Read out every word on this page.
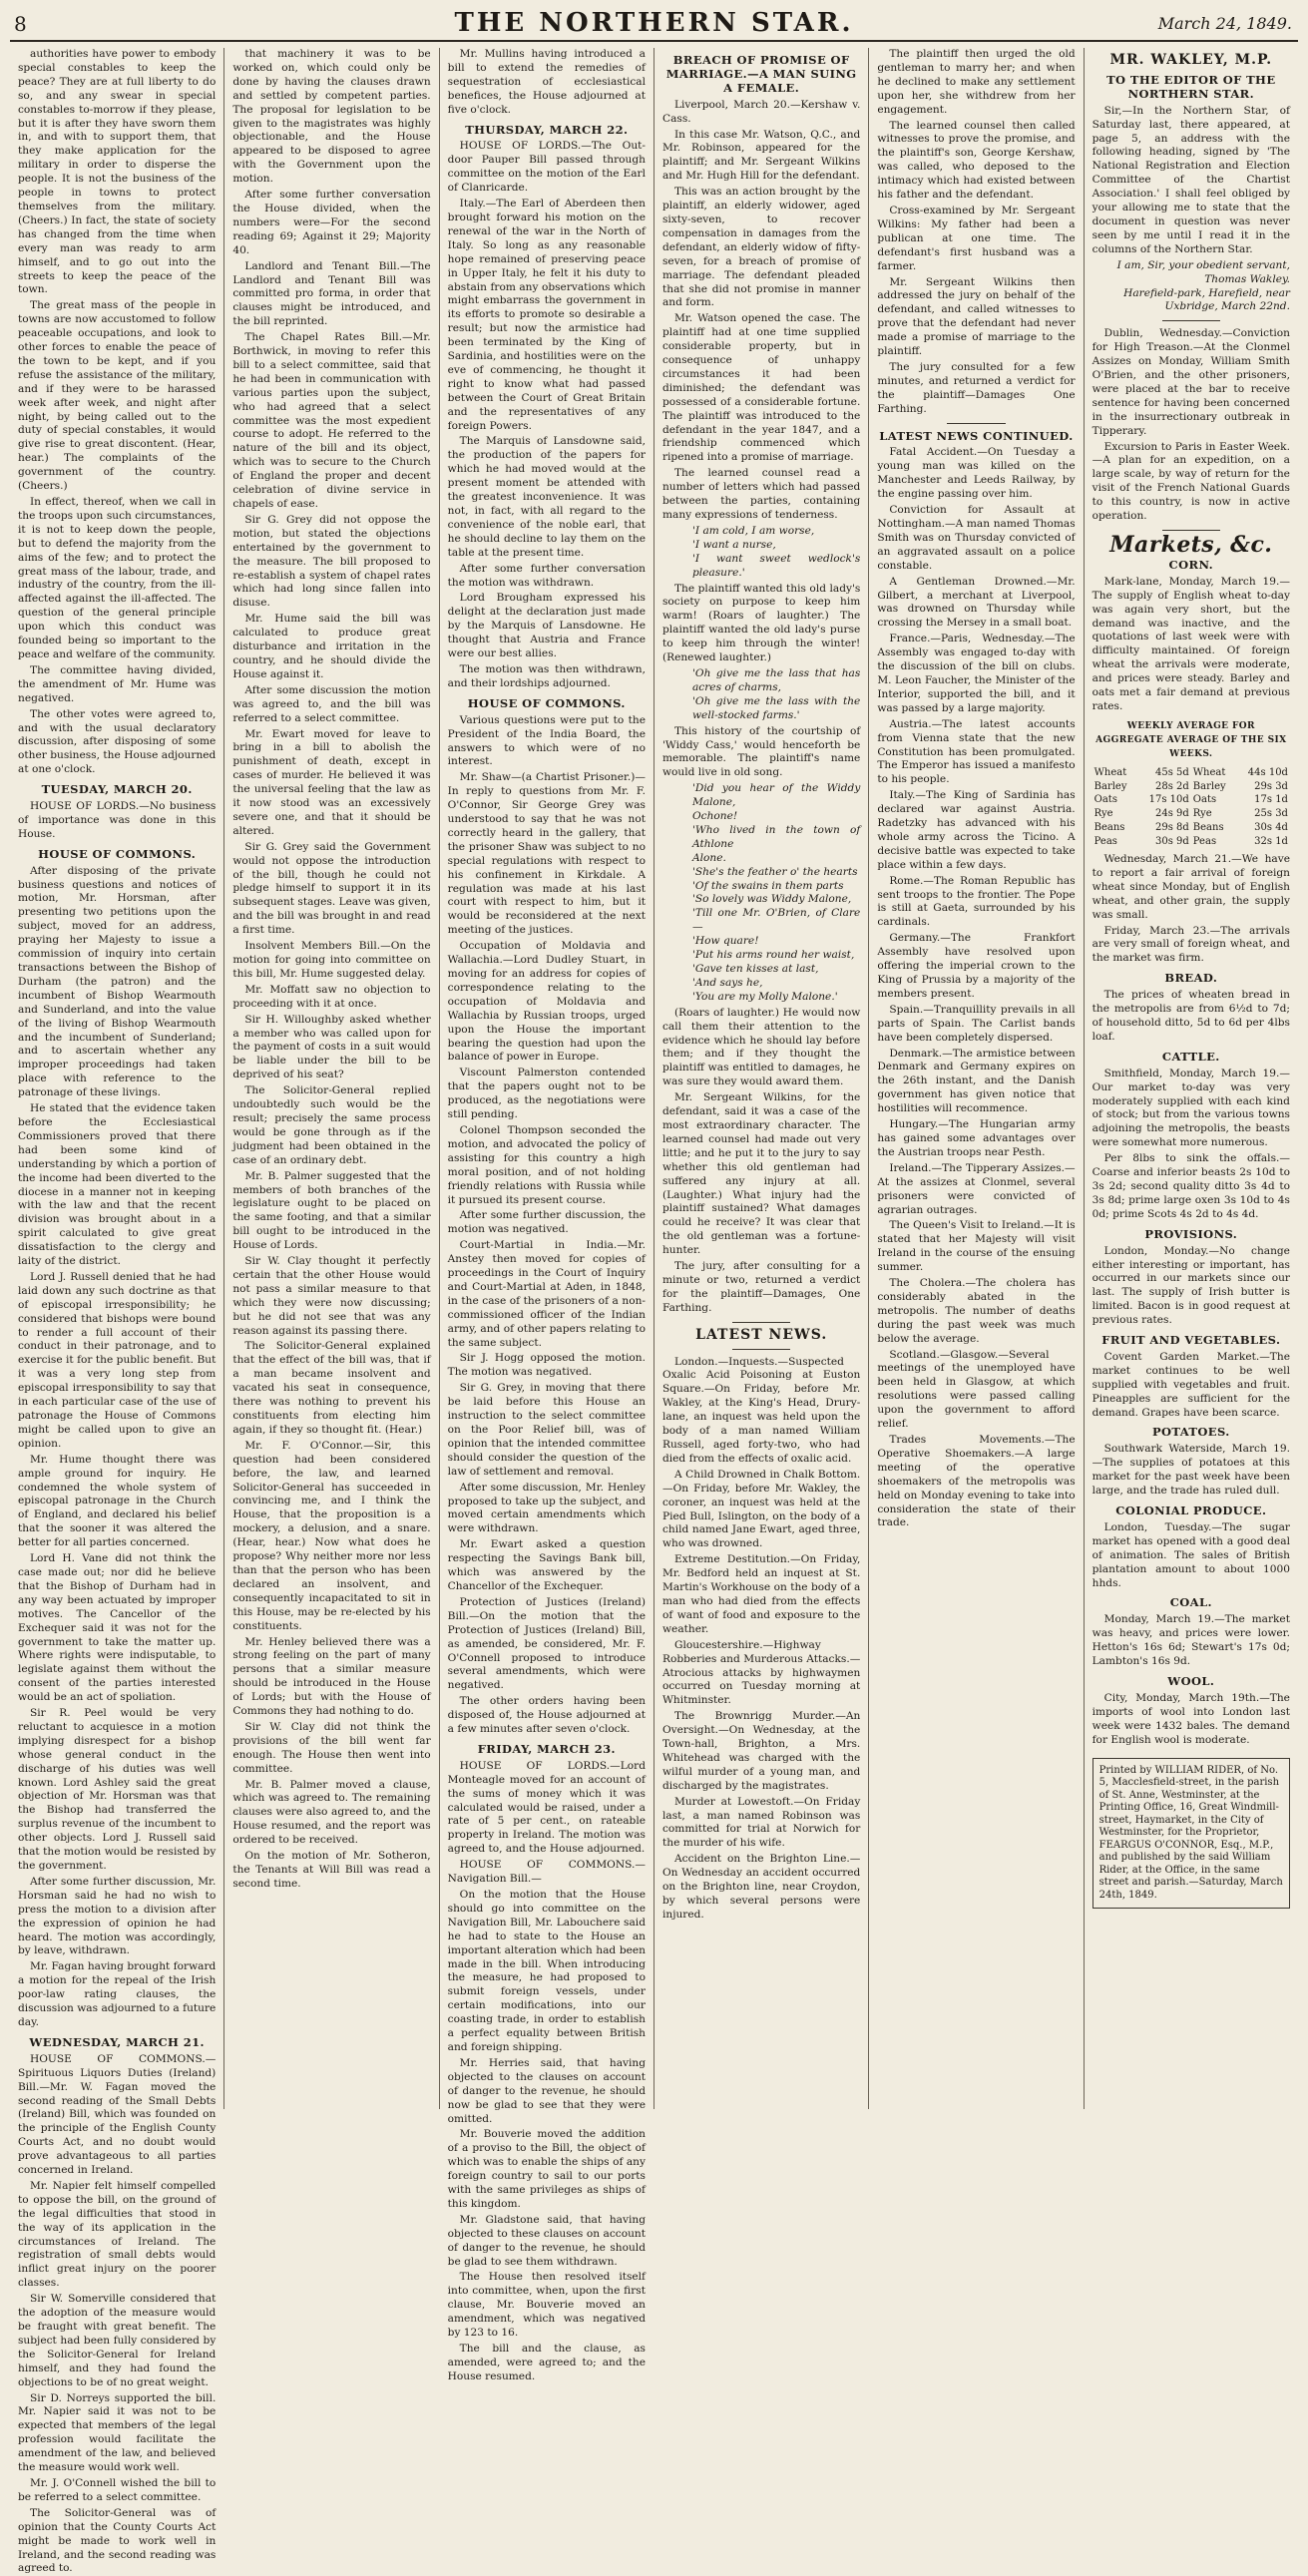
8	THE NORTHERN STAR.	March 24, 1849.

authorities have power to embody special constables to keep the peace? They are at full liberty to do so, and any swear in special constables to-morrow if they please, but it is after they have sworn them in, and with to support them, that they make application for the military in order to disperse the people. It is not the business of the people in towns to protect themselves from the military. (Cheers.) In fact, the state of society has changed from the time when every man was ready to arm himself, and to go out into the streets to keep the peace of the town.

The great mass of the people in towns are now accustomed to follow peaceable occupations, and look to other forces to enable the peace of the town to be kept, and if you refuse the assistance of the military, and if they were to be harassed week after week, and night after night, by being called out to the duty of special constables, it would give rise to great discontent. (Hear, hear.) The complaints of the government of the country. (Cheers.)

In effect, thereof, when we call in the troops upon such circumstances, it is not to keep down the people, but to defend the majority from the aims of the few; and to protect the great mass of the labour, trade, and industry of the country, from the ill-affected against the ill-affected. The question of the general principle upon which this conduct was founded being so important to the peace and welfare of the community.

The committee having divided, the amendment of Mr. Hume was negatived.

The other votes were agreed to, and with the usual declaratory discussion, after disposing of some other business, the House adjourned at one o'clock.

TUESDAY, MARCH 20.

HOUSE OF LORDS.—No business of importance was done in this House.

HOUSE OF COMMONS.

After disposing of the private business questions and notices of motion, Mr. Horsman, after presenting two petitions upon the subject, moved for an address, praying her Majesty to issue a commission of inquiry into certain transactions between the Bishop of Durham (the patron) and the incumbent of Bishop Wearmouth and Sunderland, and into the value of the living of Bishop Wearmouth and the incumbent of Sunderland; and to ascertain whether any improper proceedings had taken place with reference to the patronage of these livings.

He stated that the evidence taken before the Ecclesiastical Commissioners proved that there had been some kind of understanding by which a portion of the income had been diverted to the diocese in a manner not in keeping with the law and that the recent division was brought about in a spirit calculated to give great dissatisfaction to the clergy and laity of the district.

Lord J. Russell denied that he had laid down any such doctrine as that of episcopal irresponsibility; he considered that bishops were bound to render a full account of their conduct in their patronage, and to exercise it for the public benefit. But it was a very long step from episcopal irresponsibility to say that in each particular case of the use of patronage the House of Commons might be called upon to give an opinion.

Mr. Hume thought there was ample ground for inquiry. He condemned the whole system of episcopal patronage in the Church of England, and declared his belief that the sooner it was altered the better for all parties concerned.

Lord H. Vane did not think the case made out; nor did he believe that the Bishop of Durham had in any way been actuated by improper motives. The Cancellor of the Exchequer said it was not for the government to take the matter up. Where rights were indisputable, to legislate against them without the consent of the parties interested would be an act of spoliation.

Sir R. Peel would be very reluctant to acquiesce in a motion implying disrespect for a bishop whose general conduct in the discharge of his duties was well known. Lord Ashley said the great objection of Mr. Horsman was that the Bishop had transferred the surplus revenue of the incumbent to other objects. Lord J. Russell said that the motion would be resisted by the government.

After some further discussion, Mr. Horsman said he had no wish to press the motion to a division after the expression of opinion he had heard. The motion was accordingly, by leave, withdrawn.

Mr. Fagan having brought forward a motion for the repeal of the Irish poor-law rating clauses, the discussion was adjourned to a future day.

WEDNESDAY, MARCH 21.

HOUSE OF COMMONS.—Spirituous Liquors Duties (Ireland) Bill.—Mr. W. Fagan moved the second reading of the Small Debts (Ireland) Bill, which was founded on the principle of the English County Courts Act, and no doubt would prove advantageous to all parties concerned in Ireland.

Mr. Napier felt himself compelled to oppose the bill, on the ground of the legal difficulties that stood in the way of its application in the circumstances of Ireland. The registration of small debts would inflict great injury on the poorer classes.

Sir W. Somerville considered that the adoption of the measure would be fraught with great benefit. The subject had been fully considered by the Solicitor-General for Ireland himself, and they had found the objections to be of no great weight.

Sir D. Norreys supported the bill. Mr. Napier said it was not to be expected that members of the legal profession would facilitate the amendment of the law, and believed the measure would work well.

Mr. J. O'Connell wished the bill to be referred to a select committee.

The Solicitor-General was of opinion that the County Courts Act might be made to work well in Ireland, and the second reading was agreed to.

that machinery it was to be worked on, which could only be done by having the clauses drawn and settled by competent parties. The proposal for legislation to be given to the magistrates was highly objectionable, and the House appeared to be disposed to agree with the Government upon the motion.

After some further conversation the House divided, when the numbers were—For the second reading 69; Against it 29; Majority 40.

Landlord and Tenant Bill.—The Landlord and Tenant Bill was committed pro forma, in order that clauses might be introduced, and the bill reprinted.

The Chapel Rates Bill.—Mr. Borthwick, in moving to refer this bill to a select committee, said that he had been in communication with various parties upon the subject, who had agreed that a select committee was the most expedient course to adopt. He referred to the nature of the bill and its object, which was to secure to the Church of England the proper and decent celebration of divine service in chapels of ease.

Sir G. Grey did not oppose the motion, but stated the objections entertained by the government to the measure. The bill proposed to re-establish a system of chapel rates which had long since fallen into disuse.

Mr. Hume said the bill was calculated to produce great disturbance and irritation in the country, and he should divide the House against it.

After some discussion the motion was agreed to, and the bill was referred to a select committee.

Mr. Ewart moved for leave to bring in a bill to abolish the punishment of death, except in cases of murder. He believed it was the universal feeling that the law as it now stood was an excessively severe one, and that it should be altered.

Sir G. Grey said the Government would not oppose the introduction of the bill, though he could not pledge himself to support it in its subsequent stages. Leave was given, and the bill was brought in and read a first time.

Insolvent Members Bill.—On the motion for going into committee on this bill, Mr. Hume suggested delay.

Mr. Moffatt saw no objection to proceeding with it at once.

Sir H. Willoughby asked whether a member who was called upon for the payment of costs in a suit would be liable under the bill to be deprived of his seat?

The Solicitor-General replied undoubtedly such would be the result; precisely the same process would be gone through as if the judgment had been obtained in the case of an ordinary debt.

Mr. B. Palmer suggested that the members of both branches of the legislature ought to be placed on the same footing, and that a similar bill ought to be introduced in the House of Lords.

Sir W. Clay thought it perfectly certain that the other House would not pass a similar measure to that which they were now discussing; but he did not see that was any reason against its passing there.

The Solicitor-General explained that the effect of the bill was, that if a man became insolvent and vacated his seat in consequence, there was nothing to prevent his constituents from electing him again, if they so thought fit. (Hear.)

Mr. F. O'Connor.—Sir, this question had been considered before, the law, and learned Solicitor-General has succeeded in convincing me, and I think the House, that the proposition is a mockery, a delusion, and a snare. (Hear, hear.) Now what does he propose? Why neither more nor less than that the person who has been declared an insolvent, and consequently incapacitated to sit in this House, may be re-elected by his constituents.

Mr. Henley believed there was a strong feeling on the part of many persons that a similar measure should be introduced in the House of Lords; but with the House of Commons they had nothing to do.

Sir W. Clay did not think the provisions of the bill went far enough. The House then went into committee.

Mr. B. Palmer moved a clause, which was agreed to. The remaining clauses were also agreed to, and the House resumed, and the report was ordered to be received.

On the motion of Mr. Sotheron, the Tenants at Will Bill was read a second time.

Mr. Mullins having introduced a bill to extend the remedies of sequestration of ecclesiastical benefices, the House adjourned at five o'clock.

THURSDAY, MARCH 22.

HOUSE OF LORDS.—The Out-door Pauper Bill passed through committee on the motion of the Earl of Clanricarde.

Italy.—The Earl of Aberdeen then brought forward his motion on the renewal of the war in the North of Italy. So long as any reasonable hope remained of preserving peace in Upper Italy, he felt it his duty to abstain from any observations which might embarrass the government in its efforts to promote so desirable a result; but now the armistice had been terminated by the King of Sardinia, and hostilities were on the eve of commencing, he thought it right to know what had passed between the Court of Great Britain and the representatives of any foreign Powers.

The Marquis of Lansdowne said, the production of the papers for which he had moved would at the present moment be attended with the greatest inconvenience. It was not, in fact, with all regard to the convenience of the noble earl, that he should decline to lay them on the table at the present time.

After some further conversation the motion was withdrawn.

Lord Brougham expressed his delight at the declaration just made by the Marquis of Lansdowne. He thought that Austria and France were our best allies.

The motion was then withdrawn, and their lordships adjourned.

HOUSE OF COMMONS.

Various questions were put to the President of the India Board, the answers to which were of no interest.

Mr. Shaw—(a Chartist Prisoner.)—In reply to questions from Mr. F. O'Connor, Sir George Grey was understood to say that he was not correctly heard in the gallery, that the prisoner Shaw was subject to no special regulations with respect to his confinement in Kirkdale. A regulation was made at his last court with respect to him, but it would be reconsidered at the next meeting of the justices.

Occupation of Moldavia and Wallachia.—Lord Dudley Stuart, in moving for an address for copies of correspondence relating to the occupation of Moldavia and Wallachia by Russian troops, urged upon the House the important bearing the question had upon the balance of power in Europe.

Viscount Palmerston contended that the papers ought not to be produced, as the negotiations were still pending.

Colonel Thompson seconded the motion, and advocated the policy of assisting for this country a high moral position, and of not holding friendly relations with Russia while it pursued its present course.

After some further discussion, the motion was negatived.

Court-Martial in India.—Mr. Anstey then moved for copies of proceedings in the Court of Inquiry and Court-Martial at Aden, in 1848, in the case of the prisoners of a non-commissioned officer of the Indian army, and of other papers relating to the same subject.

Sir J. Hogg opposed the motion. The motion was negatived.

Sir G. Grey, in moving that there be laid before this House an instruction to the select committee on the Poor Relief bill, was of opinion that the intended committee should consider the question of the law of settlement and removal.

After some discussion, Mr. Henley proposed to take up the subject, and moved certain amendments which were withdrawn.

Mr. Ewart asked a question respecting the Savings Bank bill, which was answered by the Chancellor of the Exchequer.

Protection of Justices (Ireland) Bill.—On the motion that the Protection of Justices (Ireland) Bill, as amended, be considered, Mr. F. O'Connell proposed to introduce several amendments, which were negatived.

The other orders having been disposed of, the House adjourned at a few minutes after seven o'clock.

FRIDAY, MARCH 23.

HOUSE OF LORDS.—Lord Monteagle moved for an account of the sums of money which it was calculated would be raised, under a rate of 5 per cent., on rateable property in Ireland. The motion was agreed to, and the House adjourned.

HOUSE OF COMMONS.—Navigation Bill.—

On the motion that the House should go into committee on the Navigation Bill, Mr. Labouchere said he had to state to the House an important alteration which had been made in the bill. When introducing the measure, he had proposed to submit foreign vessels, under certain modifications, into our coasting trade, in order to establish a perfect equality between British and foreign shipping.

Mr. Herries said, that having objected to the clauses on account of danger to the revenue, he should now be glad to see that they were omitted.

Mr. Bouverie moved the addition of a proviso to the Bill, the object of which was to enable the ships of any foreign country to sail to our ports with the same privileges as ships of this kingdom.

Mr. Gladstone said, that having objected to these clauses on account of danger to the revenue, he should be glad to see them withdrawn.

The House then resolved itself into committee, when, upon the first clause, Mr. Bouverie moved an amendment, which was negatived by 123 to 16.

The bill and the clause, as amended, were agreed to; and the House resumed.

BREACH OF PROMISE OF MARRIAGE.—A MAN SUING A FEMALE.

Liverpool, March 20.—Kershaw v. Cass.

In this case Mr. Watson, Q.C., and Mr. Robinson, appeared for the plaintiff; and Mr. Sergeant Wilkins and Mr. Hugh Hill for the defendant.

This was an action brought by the plaintiff, an elderly widower, aged sixty-seven, to recover compensation in damages from the defendant, an elderly widow of fifty-seven, for a breach of promise of marriage. The defendant pleaded that she did not promise in manner and form.

Mr. Watson opened the case. The plaintiff had at one time supplied considerable property, but in consequence of unhappy circumstances it had been diminished; the defendant was possessed of a considerable fortune. The plaintiff was introduced to the defendant in the year 1847, and a friendship commenced which ripened into a promise of marriage.

The learned counsel read a number of letters which had passed between the parties, containing many expressions of tenderness.

'I am cold, I am worse,
'I want a nurse,
'I want sweet wedlock's pleasure.'

The plaintiff wanted this old lady's society on purpose to keep him warm! (Roars of laughter.) The plaintiff wanted the old lady's purse to keep him through the winter! (Renewed laughter.)

'Oh give me the lass that has acres of charms,
'Oh give me the lass with the well-stocked farms.'

This history of the courtship of 'Widdy Cass,' would henceforth be memorable. The plaintiff's name would live in old song.

'Did you hear of the Widdy Malone,
Ochone!
'Who lived in the town of Athlone
Alone.
'She's the feather o' the hearts
'Of the swains in them parts
'So lovely was Widdy Malone,
'Till one Mr. O'Brien, of Clare—
'How quare!
'Put his arms round her waist,
'Gave ten kisses at last,
'And says he,
'You are my Molly Malone.'

(Roars of laughter.) He would now call them their attention to the evidence which he should lay before them; and if they thought the plaintiff was entitled to damages, he was sure they would award them.

Mr. Sergeant Wilkins, for the defendant, said it was a case of the most extraordinary character. The learned counsel had made out very little; and he put it to the jury to say whether this old gentleman had suffered any injury at all. (Laughter.) What injury had the plaintiff sustained? What damages could he receive? It was clear that the old gentleman was a fortune-hunter.

The jury, after consulting for a minute or two, returned a verdict for the plaintiff—Damages, One Farthing.

LATEST NEWS.

London.—Inquests.—Suspected Oxalic Acid Poisoning at Euston Square.—On Friday, before Mr. Wakley, at the King's Head, Drury-lane, an inquest was held upon the body of a man named William Russell, aged forty-two, who had died from the effects of oxalic acid.

A Child Drowned in Chalk Bottom.—On Friday, before Mr. Wakley, the coroner, an inquest was held at the Pied Bull, Islington, on the body of a child named Jane Ewart, aged three, who was drowned.

Extreme Destitution.—On Friday, Mr. Bedford held an inquest at St. Martin's Workhouse on the body of a man who had died from the effects of want of food and exposure to the weather.

Gloucestershire.—Highway Robberies and Murderous Attacks.—Atrocious attacks by highwaymen occurred on Tuesday morning at Whitminster.

The Brownrigg Murder.—An Oversight.—On Wednesday, at the Town-hall, Brighton, a Mrs. Whitehead was charged with the wilful murder of a young man, and discharged by the magistrates.

Murder at Lowestoft.—On Friday last, a man named Robinson was committed for trial at Norwich for the murder of his wife.

Accident on the Brighton Line.—On Wednesday an accident occurred on the Brighton line, near Croydon, by which several persons were injured.

The plaintiff then urged the old gentleman to marry her; and when he declined to make any settlement upon her, she withdrew from her engagement.

The learned counsel then called witnesses to prove the promise, and the plaintiff's son, George Kershaw, was called, who deposed to the intimacy which had existed between his father and the defendant.

Cross-examined by Mr. Sergeant Wilkins: My father had been a publican at one time. The defendant's first husband was a farmer.

Mr. Sergeant Wilkins then addressed the jury on behalf of the defendant, and called witnesses to prove that the defendant had never made a promise of marriage to the plaintiff.

The jury consulted for a few minutes, and returned a verdict for the plaintiff—Damages One Farthing.

LATEST NEWS CONTINUED.

Fatal Accident.—On Tuesday a young man was killed on the Manchester and Leeds Railway, by the engine passing over him.

Conviction for Assault at Nottingham.—A man named Thomas Smith was on Thursday convicted of an aggravated assault on a police constable.

A Gentleman Drowned.—Mr. Gilbert, a merchant at Liverpool, was drowned on Thursday while crossing the Mersey in a small boat.

France.—Paris, Wednesday.—The Assembly was engaged to-day with the discussion of the bill on clubs. M. Leon Faucher, the Minister of the Interior, supported the bill, and it was passed by a large majority.

Austria.—The latest accounts from Vienna state that the new Constitution has been promulgated. The Emperor has issued a manifesto to his people.

Italy.—The King of Sardinia has declared war against Austria. Radetzky has advanced with his whole army across the Ticino. A decisive battle was expected to take place within a few days.

Rome.—The Roman Republic has sent troops to the frontier. The Pope is still at Gaeta, surrounded by his cardinals.

Germany.—The Frankfort Assembly have resolved upon offering the imperial crown to the King of Prussia by a majority of the members present.

Spain.—Tranquillity prevails in all parts of Spain. The Carlist bands have been completely dispersed.

Denmark.—The armistice between Denmark and Germany expires on the 26th instant, and the Danish government has given notice that hostilities will recommence.

Hungary.—The Hungarian army has gained some advantages over the Austrian troops near Pesth.

Ireland.—The Tipperary Assizes.—At the assizes at Clonmel, several prisoners were convicted of agrarian outrages.

The Queen's Visit to Ireland.—It is stated that her Majesty will visit Ireland in the course of the ensuing summer.

The Cholera.—The cholera has considerably abated in the metropolis. The number of deaths during the past week was much below the average.

Scotland.—Glasgow.—Several meetings of the unemployed have been held in Glasgow, at which resolutions were passed calling upon the government to afford relief.

Trades Movements.—The Operative Shoemakers.—A large meeting of the operative shoemakers of the metropolis was held on Monday evening to take into consideration the state of their trade.

MR. WAKLEY, M.P.
TO THE EDITOR OF THE NORTHERN STAR.

Sir,—In the Northern Star, of Saturday last, there appeared, at page 5, an address with the following heading, signed by 'The National Registration and Election Committee of the Chartist Association.' I shall feel obliged by your allowing me to state that the document in question was never seen by me until I read it in the columns of the Northern Star.

I am, Sir, your obedient servant,
Thomas Wakley.
Harefield-park, Harefield, near Uxbridge, March 22nd.

Dublin, Wednesday.—Conviction for High Treason.—At the Clonmel Assizes on Monday, William Smith O'Brien, and the other prisoners, were placed at the bar to receive sentence for having been concerned in the insurrectionary outbreak in Tipperary.

Excursion to Paris in Easter Week.—A plan for an expedition, on a large scale, by way of return for the visit of the French National Guards to this country, is now in active operation.

Markets, &c.
CORN.

Mark-lane, Monday, March 19.—The supply of English wheat to-day was again very short, but the demand was inactive, and the quotations of last week were with difficulty maintained. Of foreign wheat the arrivals were moderate, and prices were steady. Barley and oats met a fair demand at previous rates.

WEEKLY AVERAGE FOR AGGREGATE AVERAGE OF THE SIX WEEKS.
Wheat	45s 5d	Wheat	44s 10d
Barley	28s 2d	Barley	29s 3d
Oats	17s 10d	Oats	17s 1d
Rye	24s 9d	Rye	25s 3d
Beans	29s 8d	Beans	30s 4d
Peas	30s 9d	Peas	32s 1d

Wednesday, March 21.—We have to report a fair arrival of foreign wheat since Monday, but of English wheat, and other grain, the supply was small.

Friday, March 23.—The arrivals are very small of foreign wheat, and the market was firm.

BREAD.

The prices of wheaten bread in the metropolis are from 6½d to 7d; of household ditto, 5d to 6d per 4lbs loaf.

CATTLE.

Smithfield, Monday, March 19.—Our market to-day was very moderately supplied with each kind of stock; but from the various towns adjoining the metropolis, the beasts were somewhat more numerous.

Per 8lbs to sink the offals.—Coarse and inferior beasts 2s 10d to 3s 2d; second quality ditto 3s 4d to 3s 8d; prime large oxen 3s 10d to 4s 0d; prime Scots 4s 2d to 4s 4d.

PROVISIONS.

London, Monday.—No change either interesting or important, has occurred in our markets since our last. The supply of Irish butter is limited. Bacon is in good request at previous rates.

FRUIT AND VEGETABLES.

Covent Garden Market.—The market continues to be well supplied with vegetables and fruit. Pineapples are sufficient for the demand. Grapes have been scarce.

POTATOES.

Southwark Waterside, March 19.—The supplies of potatoes at this market for the past week have been large, and the trade has ruled dull.

COLONIAL PRODUCE.

London, Tuesday.—The sugar market has opened with a good deal of animation. The sales of British plantation amount to about 1000 hhds.

COAL.

Monday, March 19.—The market was heavy, and prices were lower. Hetton's 16s 6d; Stewart's 17s 0d; Lambton's 16s 9d.

WOOL.

City, Monday, March 19th.—The imports of wool into London last week were 1432 bales. The demand for English wool is moderate.

Printed by WILLIAM RIDER, of No. 5, Macclesfield-street, in the parish of St. Anne, Westminster, at the Printing Office, 16, Great Windmill-street, Haymarket, in the City of Westminster, for the Proprietor, FEARGUS O'CONNOR, Esq., M.P., and published by the said William Rider, at the Office, in the same street and parish.—Saturday, March 24th, 1849.
